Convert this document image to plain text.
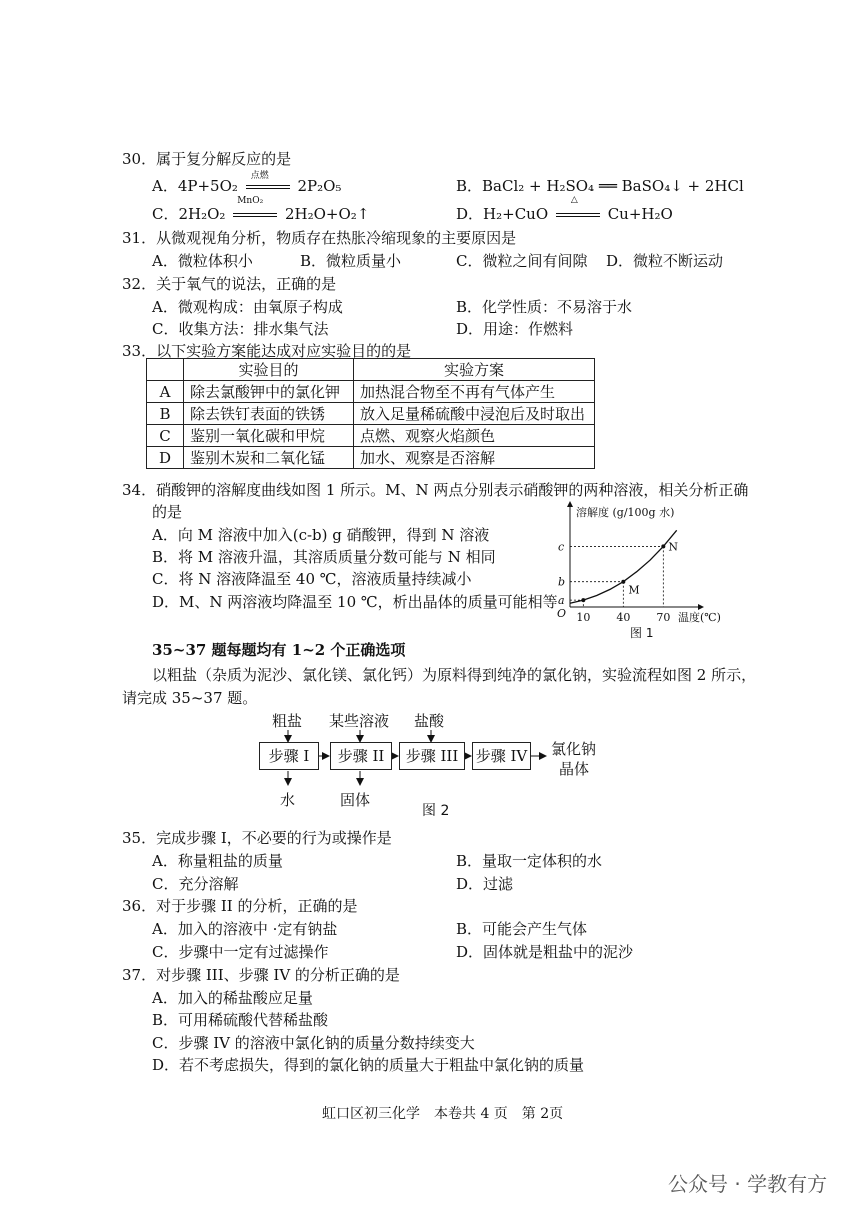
30．属于复分解反应的是
A．4P+5O₂
点燃
2P₂O₅	B．BaCl₂ + H₂SO₄ ══ BaSO₄↓ + 2HCl
C．2H₂O₂
MnO₂
2H₂O+O₂↑	D．H₂+CuO
△
Cu+H₂O
31．从微观视角分析，物质存在热胀冷缩现象的主要原因是
A．微粒体积小	B．微粒质量小	C．微粒之间有间隙 D．微粒不断运动
32．关于氧气的说法，正确的是
A．微观构成：由氧原子构成	B．化学性质：不易溶于水
C．收集方法：排水集气法	D．用途：作燃料
33．以下实验方案能达成对应实验目的的是
	实验目的	实验方案
A	除去氯酸钾中的氯化钾	加热混合物至不再有气体产生
B	除去铁钉表面的铁锈	放入足量稀硫酸中浸泡后及时取出
C	鉴别一氧化碳和甲烷	点燃、观察火焰颜色
D	鉴别木炭和二氧化锰	加水、观察是否溶解
34．硝酸钾的溶解度曲线如图 1 所示。M、N 两点分别表示硝酸钾的两种溶液，相关分析正确
的是
A．向 M 溶液中加入(c-b) g 硝酸钾，得到 N 溶液
B．将 M 溶液升温，其溶质质量分数可能与 N 相同
C．将 N 溶液降温至 40 ℃，溶液质量持续减小
D．M、N 两溶液均降温至 10 ℃，析出晶体的质量可能相等
溶解度 (g/100g 水)
a
b
c
M
N
10 40 70
O	温度(℃)
图 1
35~37 题每题均有 1~2 个正确选项
以粗盐（杂质为泥沙、氯化镁、氯化钙）为原料得到纯净的氯化钠，实验流程如图 2 所示，
请完成 35~37 题。
粗盐 某些溶液 盐酸
步骤 I	步骤 II	步骤 III	步骤 IV 氯化钠
晶体
水	固体
图 2
35．完成步骤 I，不必要的行为或操作是
A．称量粗盐的质量	B．量取一定体积的水
C．充分溶解	D．过滤
36．对于步骤 II 的分析，正确的是
A．加入的溶液中 ·定有钠盐	B．可能会产生气体
C．步骤中一定有过滤操作	D．固体就是粗盐中的泥沙
37．对步骤 III、步骤 IV 的分析正确的是
A．加入的稀盐酸应足量
B．可用稀硫酸代替稀盐酸
C．步骤 IV 的溶液中氯化钠的质量分数持续变大
D．若不考虑损失，得到的氯化钠的质量大于粗盐中氯化钠的质量
虹口区初三化学　本卷共 4 页　第 2页
公众号 · 学教有方
